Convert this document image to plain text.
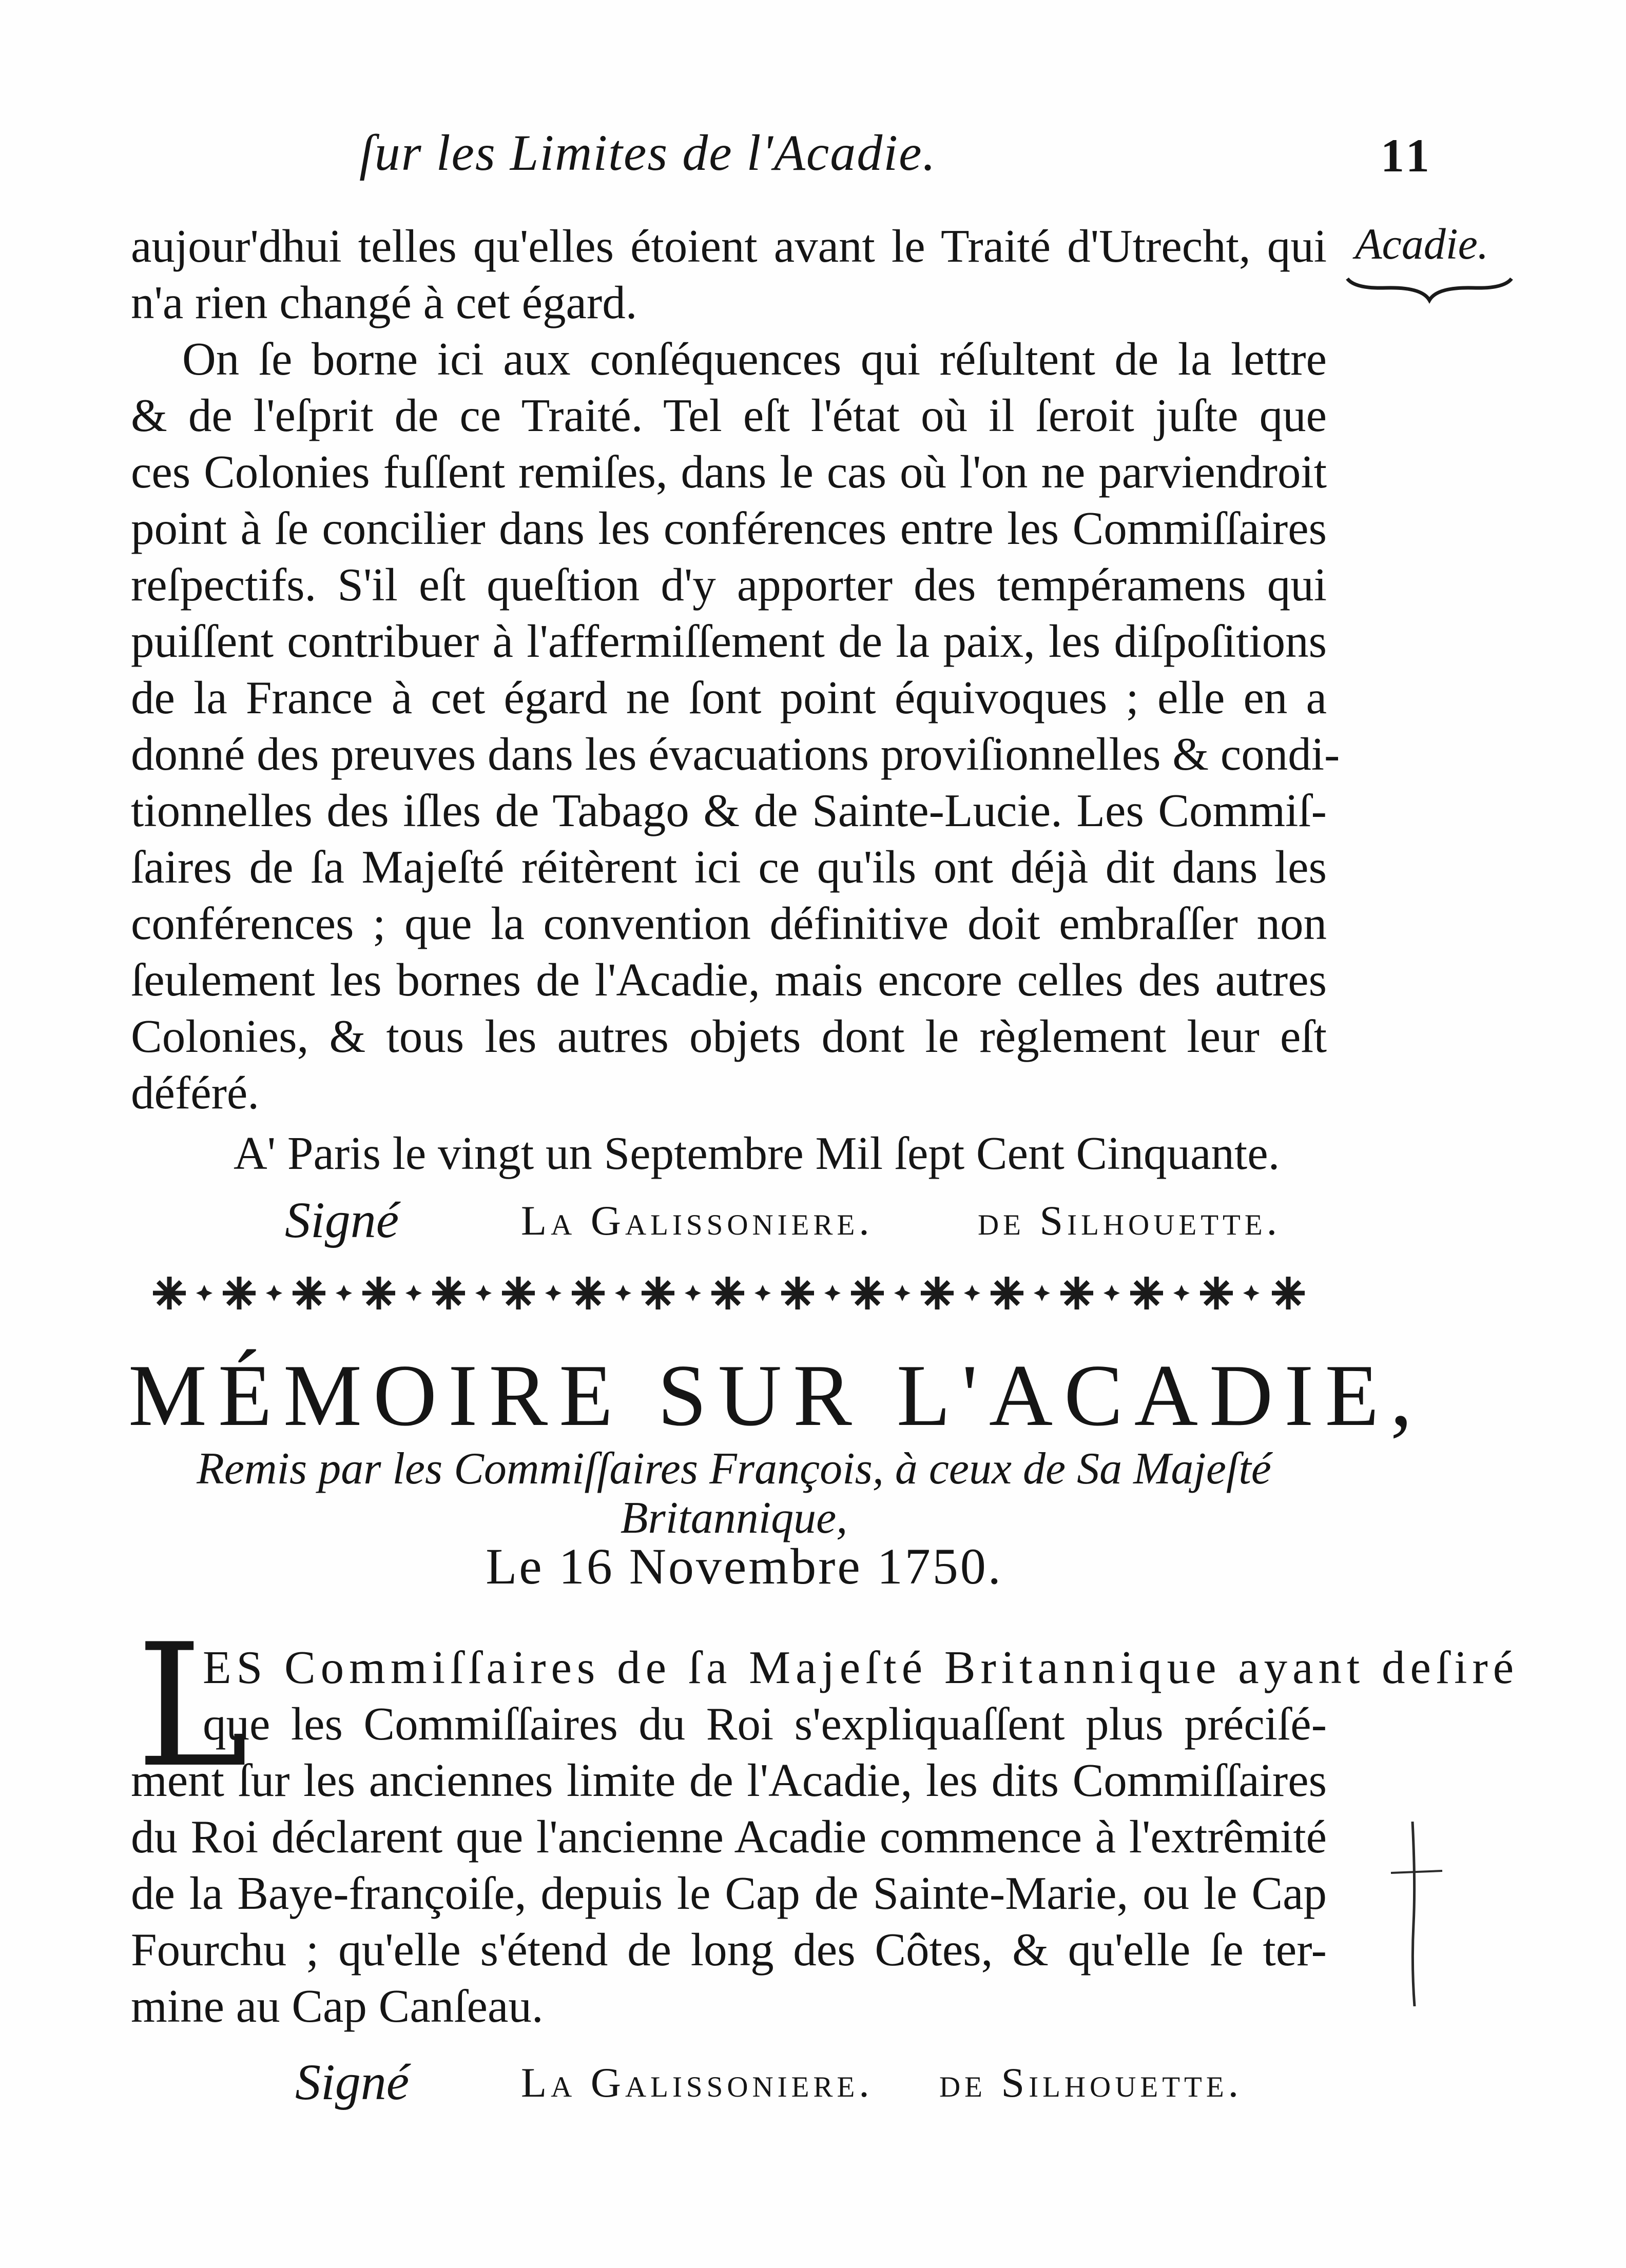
ſur les Limites de l'Acadie.	11
Acadie.
aujour'dhui telles qu'elles étoient avant le Traité d'Utrecht, qui
n'a rien changé à cet égard.
On ſe borne ici aux conſéquences qui réſultent de la lettre
& de l'eſprit de ce Traité. Tel eſt l'état où il ſeroit juſte que
ces Colonies fuſſent remiſes, dans le cas où l'on ne parviendroit
point à ſe concilier dans les conférences entre les Commiſſaires
reſpectifs. S'il eſt queſtion d'y apporter des tempéramens qui
puiſſent contribuer à l'affermiſſement de la paix, les diſpoſitions
de la France à cet égard ne ſont point équivoques ; elle en a
donné des preuves dans les évacuations proviſionnelles & condi-
tionnelles des iſles de Tabago & de Sainte-Lucie. Les Commiſ-
ſaires de ſa Majeſté réitèrent ici ce qu'ils ont déjà dit dans les
conférences ; que la convention définitive doit embraſſer non
ſeulement les bornes de l'Acadie, mais encore celles des autres
Colonies, & tous les autres objets dont le règlement leur eſt
déféré.
A' Paris le vingt un Septembre Mil ſept Cent Cinquante.
Signé	La Galissoniere. de Silhouette.
MÉMOIRE SUR L'ACADIE,
Remis par les Commiſſaires François, à ceux de Sa Majeſté Britannique,
Le 16 Novembre 1750.
L
ES Commiſſaires de ſa Majeſté Britannique ayant deſiré
que les Commiſſaires du Roi s'expliquaſſent plus préciſé-
ment ſur les anciennes limite de l'Acadie, les dits Commiſſaires
du Roi déclarent que l'ancienne Acadie commence à l'extrêmité
de la Baye-françoiſe, depuis le Cap de Sainte-Marie, ou le Cap
Fourchu ; qu'elle s'étend de long des Côtes, & qu'elle ſe ter-
mine au Cap Canſeau.
Signé	La Galissoniere. de Silhouette.
